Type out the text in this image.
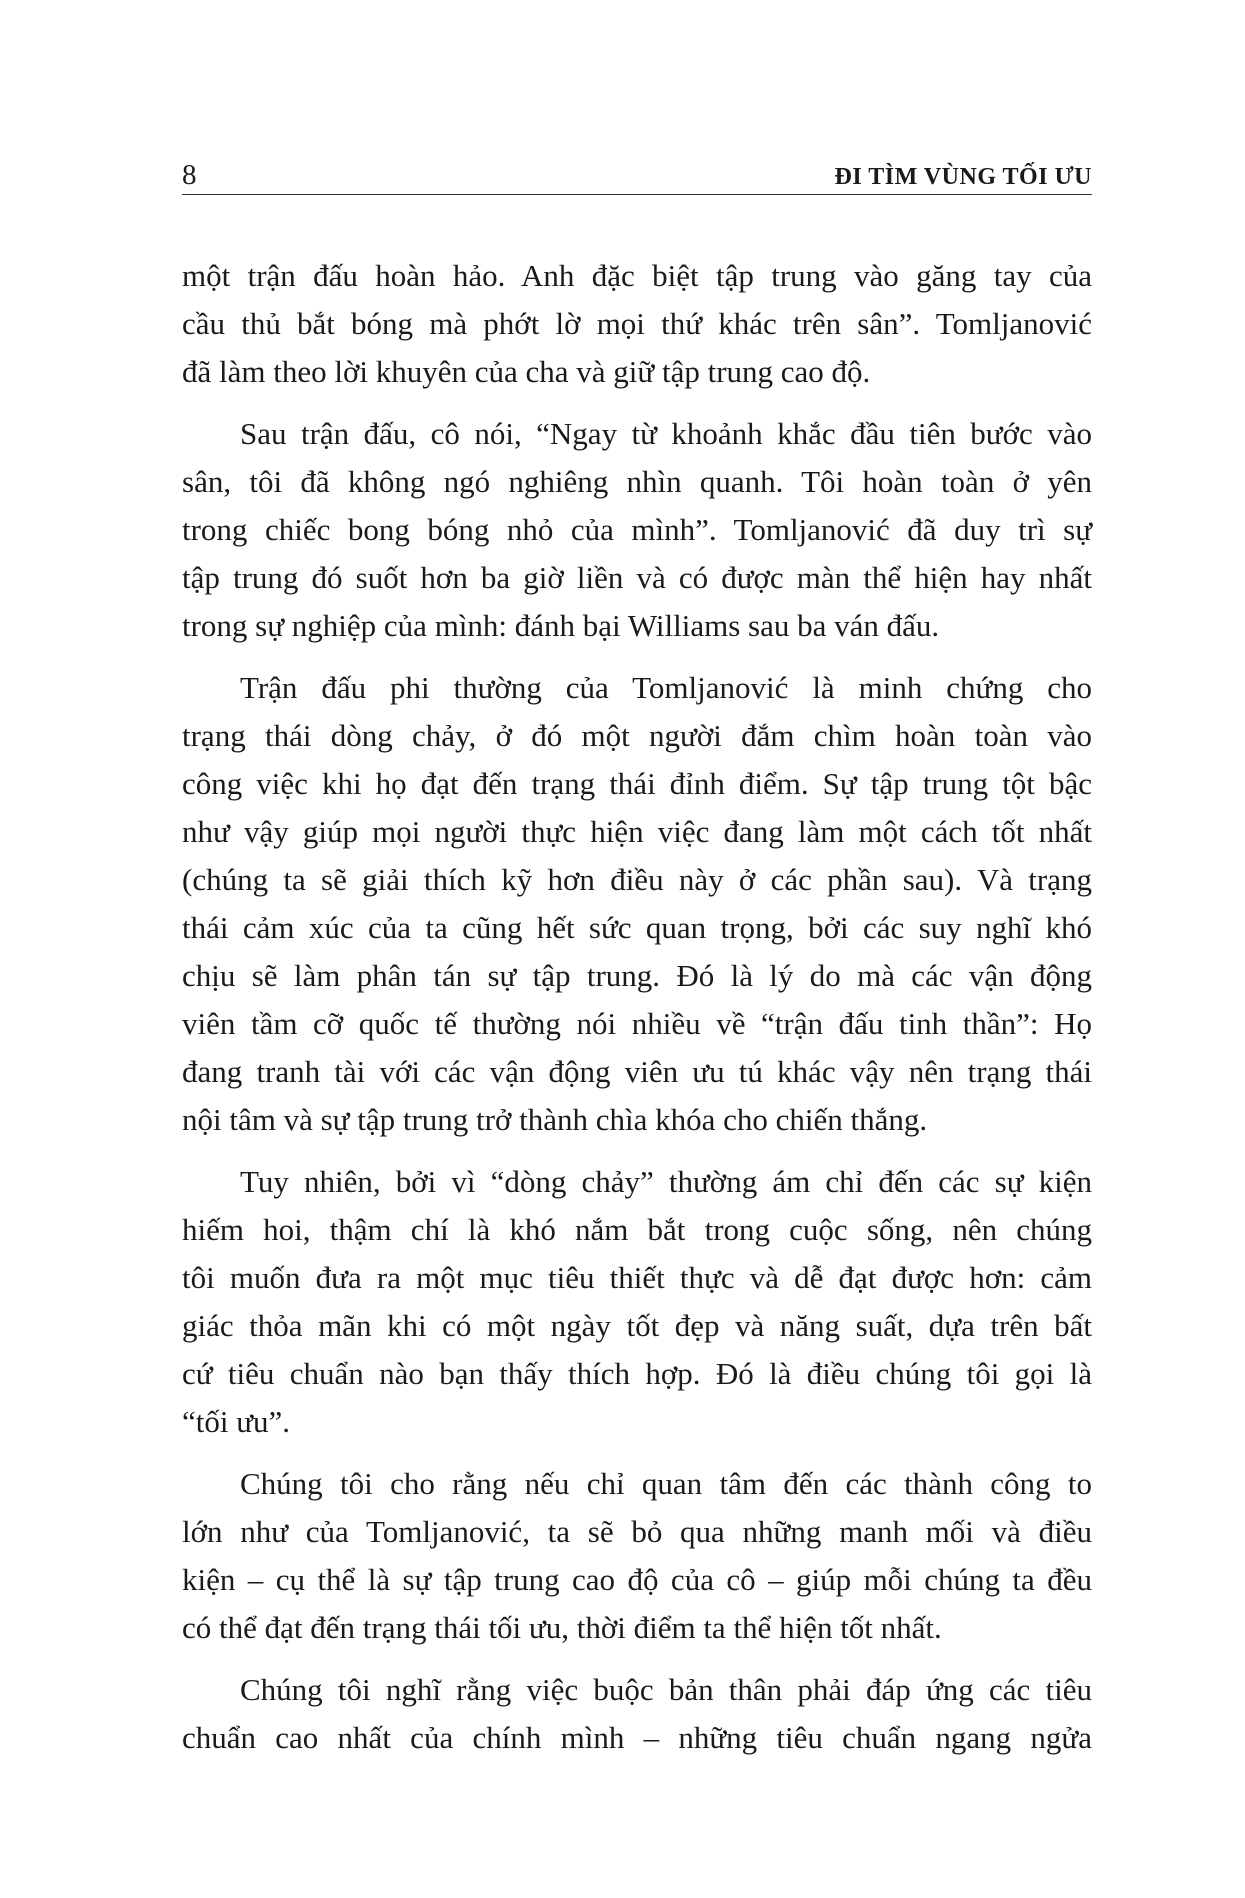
8	ĐI TÌM VÙNG TỐI ƯU

một trận đấu hoàn hảo. Anh đặc biệt tập trung vào găng tay của
cầu thủ bắt bóng mà phớt lờ mọi thứ khác trên sân”. Tomljanović
đã làm theo lời khuyên của cha và giữ tập trung cao độ.

Sau trận đấu, cô nói, “Ngay từ khoảnh khắc đầu tiên bước vào
sân, tôi đã không ngó nghiêng nhìn quanh. Tôi hoàn toàn ở yên
trong chiếc bong bóng nhỏ của mình”. Tomljanović đã duy trì sự
tập trung đó suốt hơn ba giờ liền và có được màn thể hiện hay nhất
trong sự nghiệp của mình: đánh bại Williams sau ba ván đấu.

Trận đấu phi thường của Tomljanović là minh chứng cho
trạng thái dòng chảy, ở đó một người đắm chìm hoàn toàn vào
công việc khi họ đạt đến trạng thái đỉnh điểm. Sự tập trung tột bậc
như vậy giúp mọi người thực hiện việc đang làm một cách tốt nhất
(chúng ta sẽ giải thích kỹ hơn điều này ở các phần sau). Và trạng
thái cảm xúc của ta cũng hết sức quan trọng, bởi các suy nghĩ khó
chịu sẽ làm phân tán sự tập trung. Đó là lý do mà các vận động
viên tầm cỡ quốc tế thường nói nhiều về “trận đấu tinh thần”: Họ
đang tranh tài với các vận động viên ưu tú khác vậy nên trạng thái
nội tâm và sự tập trung trở thành chìa khóa cho chiến thắng.

Tuy nhiên, bởi vì “dòng chảy” thường ám chỉ đến các sự kiện
hiếm hoi, thậm chí là khó nắm bắt trong cuộc sống, nên chúng
tôi muốn đưa ra một mục tiêu thiết thực và dễ đạt được hơn: cảm
giác thỏa mãn khi có một ngày tốt đẹp và năng suất, dựa trên bất
cứ tiêu chuẩn nào bạn thấy thích hợp. Đó là điều chúng tôi gọi là
“tối ưu”.

Chúng tôi cho rằng nếu chỉ quan tâm đến các thành công to
lớn như của Tomljanović, ta sẽ bỏ qua những manh mối và điều
kiện – cụ thể là sự tập trung cao độ của cô – giúp mỗi chúng ta đều
có thể đạt đến trạng thái tối ưu, thời điểm ta thể hiện tốt nhất.

Chúng tôi nghĩ rằng việc buộc bản thân phải đáp ứng các tiêu
chuẩn cao nhất của chính mình – những tiêu chuẩn ngang ngửa
